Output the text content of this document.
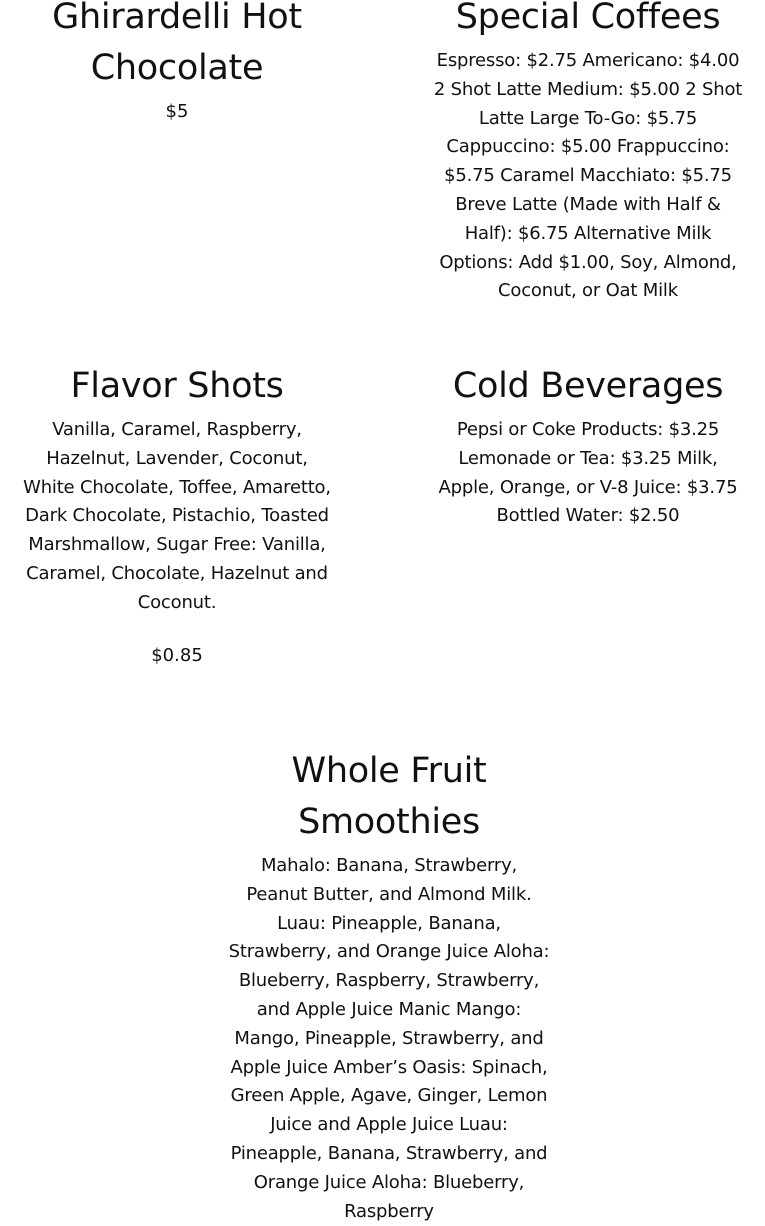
Ghirardelli Hot Chocolate

$5

Special Coffees

Espresso: $2.75 Americano: $4.00 2 Shot Latte Medium: $5.00 2 Shot Latte Large To-Go: $5.75 Cappuccino: $5.00 Frappuccino: $5.75 Caramel Macchiato: $5.75 Breve Latte (Made with Half & Half): $6.75 Alternative Milk Options: Add $1.00, Soy, Almond, Coconut, or Oat Milk

Flavor Shots

Vanilla, Caramel, Raspberry, Hazelnut, Lavender, Coconut, White Chocolate, Toffee, Amaretto, Dark Chocolate, Pistachio, Toasted Marshmallow, Sugar Free: Vanilla, Caramel, Chocolate, Hazelnut and Coconut.

$0.85

Cold Beverages

Pepsi or Coke Products: $3.25 Lemonade or Tea: $3.25 Milk, Apple, Orange, or V-8 Juice: $3.75 Bottled Water: $2.50

Whole Fruit Smoothies

Mahalo: Banana, Strawberry, Peanut Butter, and Almond Milk. Luau: Pineapple, Banana, Strawberry, and Orange Juice Aloha: Blueberry, Raspberry, Strawberry, and Apple Juice Manic Mango: Mango, Pineapple, Strawberry, and Apple Juice Amber’s Oasis: Spinach, Green Apple, Agave, Ginger, Lemon Juice and Apple Juice Luau: Pineapple, Banana, Strawberry, and Orange Juice Aloha: Blueberry, Raspberry
